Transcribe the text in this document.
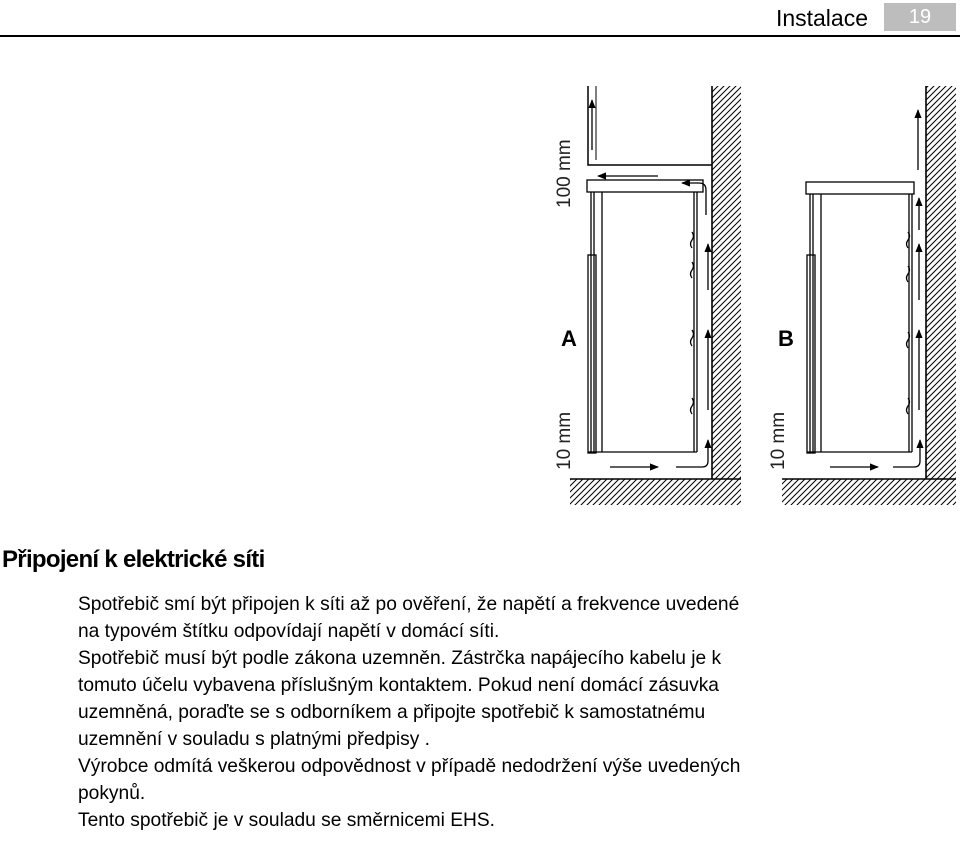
Instalace	19
A	B
100 mm
10 mm	10 mm
Připojení k elektrické síti

Spotřebič smí být připojen k síti až po ověření, že napětí a frekvence uvedené

na typovém štítku odpovídají napětí v domácí síti.

Spotřebič musí být podle zákona uzemněn. Zástrčka napájecího kabelu je k

tomuto účelu vybavena příslušným kontaktem. Pokud není domácí zásuvka

uzemněná, poraďte se s odborníkem a připojte spotřebič k samostatnému

uzemnění v souladu s platnými předpisy .

Výrobce odmítá veškerou odpovědnost v případě nedodržení výše uvedených

pokynů.

Tento spotřebič je v souladu se směrnicemi EHS.
